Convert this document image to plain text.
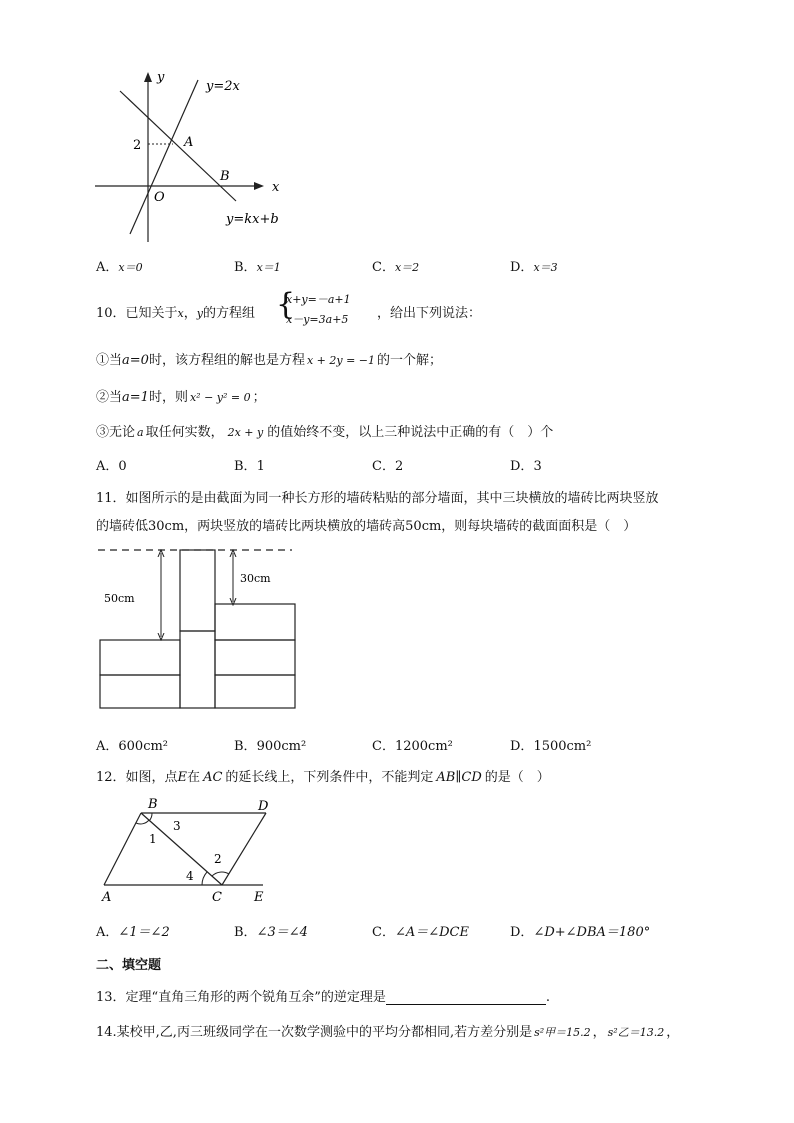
y
x
O
y=2x
y=kx+b
A
B
2
A．x＝0	B．x＝1	C．x＝2	D．x＝3
10．已知关于x，y的方程组 {
x+y=－a+1
x－y=3a+5 ，给出下列说法：
①当a=0时，该方程组的解也是方程 x + 2y = −1 的一个解；
②当a=1时，则 x² − y² = 0 ；
③无论 a 取任何实数， 2x + y 的值始终不变，以上三种说法中正确的有（　）个
A．0	B．1	C．2	D．3
11．如图所示的是由截面为同一种长方形的墙砖粘贴的部分墙面，其中三块横放的墙砖比两块竖放
的墙砖低30cm，两块竖放的墙砖比两块横放的墙砖高50cm，则每块墙砖的截面面积是（　）
50cm
30cm
A．600cm²	B．900cm²	C．1200cm²	D．1500cm²
12．如图，点E在 AC 的延长线上，下列条件中，不能判定 AB∥CD 的是（　）
B	D
A	C E
1
3
2
4
A．∠1＝∠2	B．∠3＝∠4	C．∠A＝∠DCE	D．∠D+∠DBA＝180°
二、填空题
13．定理“直角三角形的两个锐角互余”的逆定理是	.
14.某校甲,乙,丙三班级同学在一次数学测验中的平均分都相同,若方差分别是 s²甲＝15.2 ， s²乙＝13.2 ，
